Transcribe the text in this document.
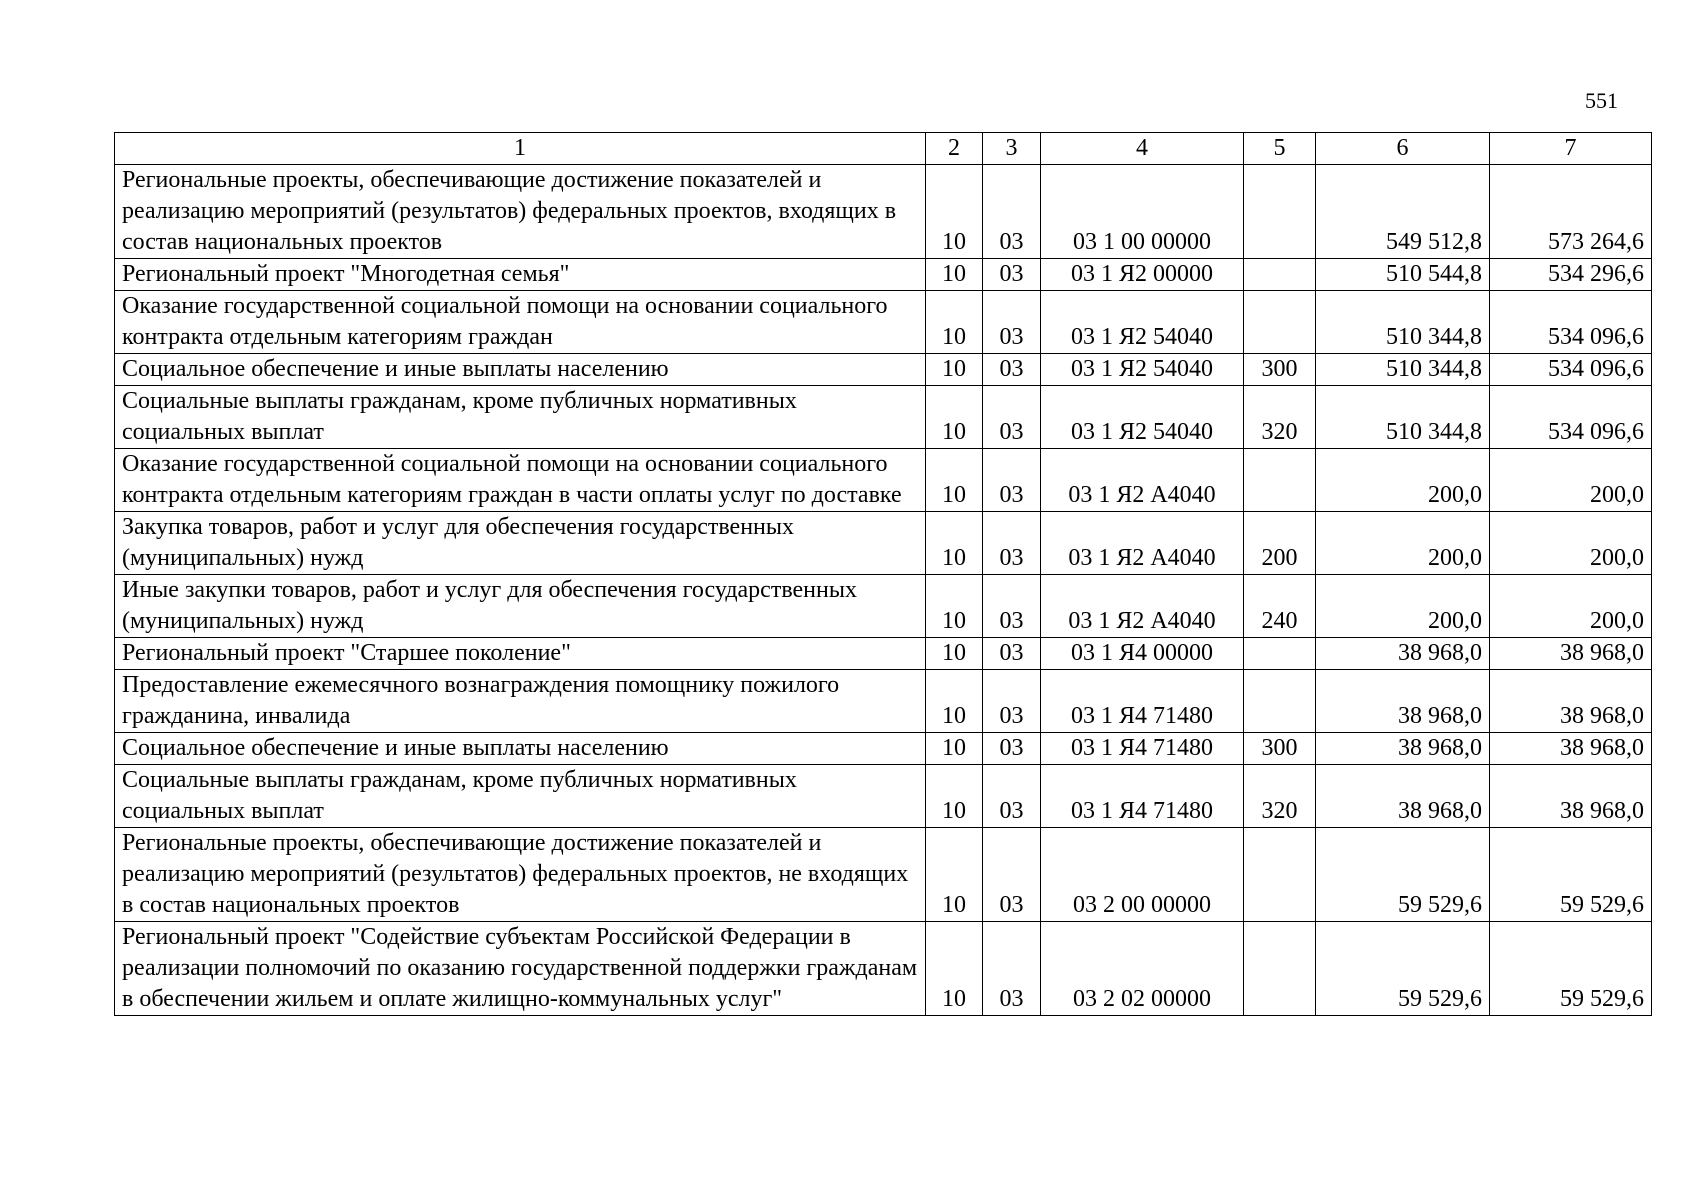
551
1	2	3	4	5	6	7
Региональные проекты, обеспечивающие достижение показателей и реализацию мероприятий (результатов) федеральных проектов, входящих в состав национальных проектов	10	03	03 1 00 00000		549 512,8	573 264,6
Региональный проект "Многодетная семья"	10	03	03 1 Я2 00000		510 544,8	534 296,6
Оказание государственной социальной помощи на основании социального контракта отдельным категориям граждан	10	03	03 1 Я2 54040		510 344,8	534 096,6
Социальное обеспечение и иные выплаты населению	10	03	03 1 Я2 54040	300	510 344,8	534 096,6
Социальные выплаты гражданам, кроме публичных нормативных социальных выплат	10	03	03 1 Я2 54040	320	510 344,8	534 096,6
Оказание государственной социальной помощи на основании социального контракта отдельным категориям граждан в части оплаты услуг по доставке	10	03	03 1 Я2 А4040		200,0	200,0
Закупка товаров, работ и услуг для обеспечения государственных (муниципальных) нужд	10	03	03 1 Я2 А4040	200	200,0	200,0
Иные закупки товаров, работ и услуг для обеспечения государственных (муниципальных) нужд	10	03	03 1 Я2 А4040	240	200,0	200,0
Региональный проект "Старшее поколение"	10	03	03 1 Я4 00000		38 968,0	38 968,0
Предоставление ежемесячного вознаграждения помощнику пожилого гражданина, инвалида	10	03	03 1 Я4 71480		38 968,0	38 968,0
Социальное обеспечение и иные выплаты населению	10	03	03 1 Я4 71480	300	38 968,0	38 968,0
Социальные выплаты гражданам, кроме публичных нормативных социальных выплат	10	03	03 1 Я4 71480	320	38 968,0	38 968,0
Региональные проекты, обеспечивающие достижение показателей и реализацию мероприятий (результатов) федеральных проектов, не входящих в состав национальных проектов	10	03	03 2 00 00000		59 529,6	59 529,6
Региональный проект "Содействие субъектам Российской Федерации в реализации полномочий по оказанию государственной поддержки гражданам в обеспечении жильем и оплате жилищно-коммунальных услуг"	10	03	03 2 02 00000		59 529,6	59 529,6
